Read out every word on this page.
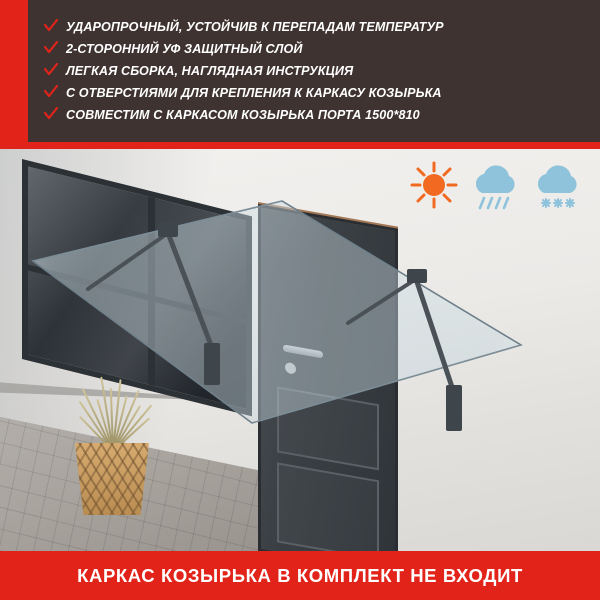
УДАРОПРОЧНЫЙ, УСТОЙЧИВ К ПЕРЕПАДАМ ТЕМПЕРАТУР
2-СТОРОННИЙ УФ ЗАЩИТНЫЙ СЛОЙ
ЛЕГКАЯ СБОРКА, НАГЛЯДНАЯ ИНСТРУКЦИЯ
С ОТВЕРСТИЯМИ ДЛЯ КРЕПЛЕНИЯ К КАРКАСУ КОЗЫРЬКА
СОВМЕСТИМ С КАРКАСОМ КОЗЫРЬКА ПОРТА 1500*810
КАРКАС КОЗЫРЬКА В КОМПЛЕКТ НЕ ВХОДИТ
